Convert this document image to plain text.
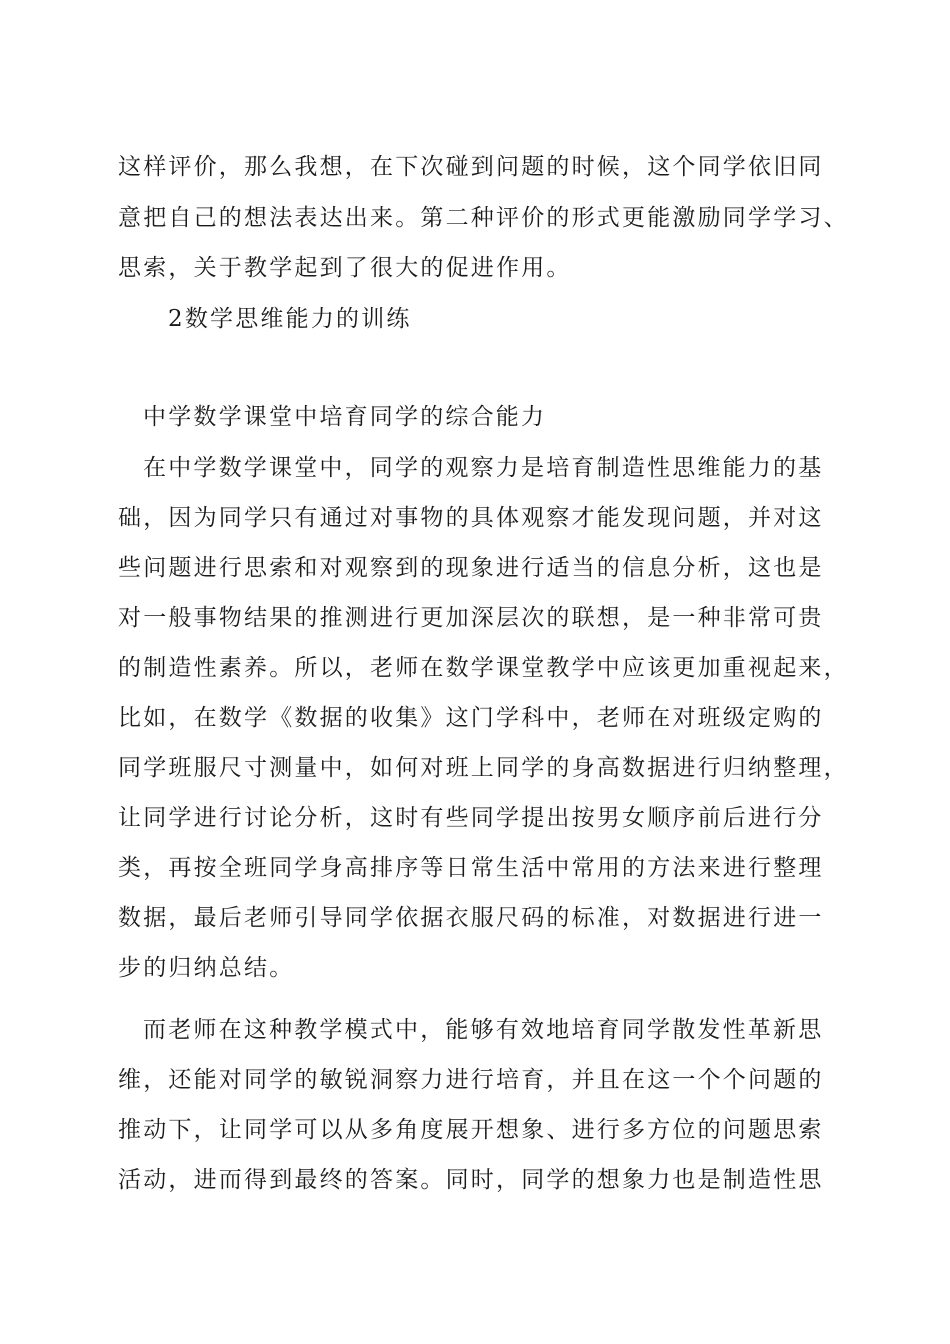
这样评价，那么我想，在下次碰到问题的时候，这个同学依旧同
意把自己的想法表达出来。第二种评价的形式更能激励同学学习、
思索，关于教学起到了很大的促进作用。
2数学思维能力的训练
中学数学课堂中培育同学的综合能力
在中学数学课堂中，同学的观察力是培育制造性思维能力的基
础，因为同学只有通过对事物的具体观察才能发现问题，并对这
些问题进行思索和对观察到的现象进行适当的信息分析，这也是
对一般事物结果的推测进行更加深层次的联想，是一种非常可贵
的制造性素养。所以，老师在数学课堂教学中应该更加重视起来，
比如，在数学《数据的收集》这门学科中，老师在对班级定购的
同学班服尺寸测量中，如何对班上同学的身高数据进行归纳整理，
让同学进行讨论分析，这时有些同学提出按男女顺序前后进行分
类，再按全班同学身高排序等日常生活中常用的方法来进行整理
数据，最后老师引导同学依据衣服尺码的标准，对数据进行进一
步的归纳总结。
而老师在这种教学模式中，能够有效地培育同学散发性革新思
维，还能对同学的敏锐洞察力进行培育，并且在这一个个问题的
推动下，让同学可以从多角度展开想象、进行多方位的问题思索
活动，进而得到最终的答案。同时，同学的想象力也是制造性思
